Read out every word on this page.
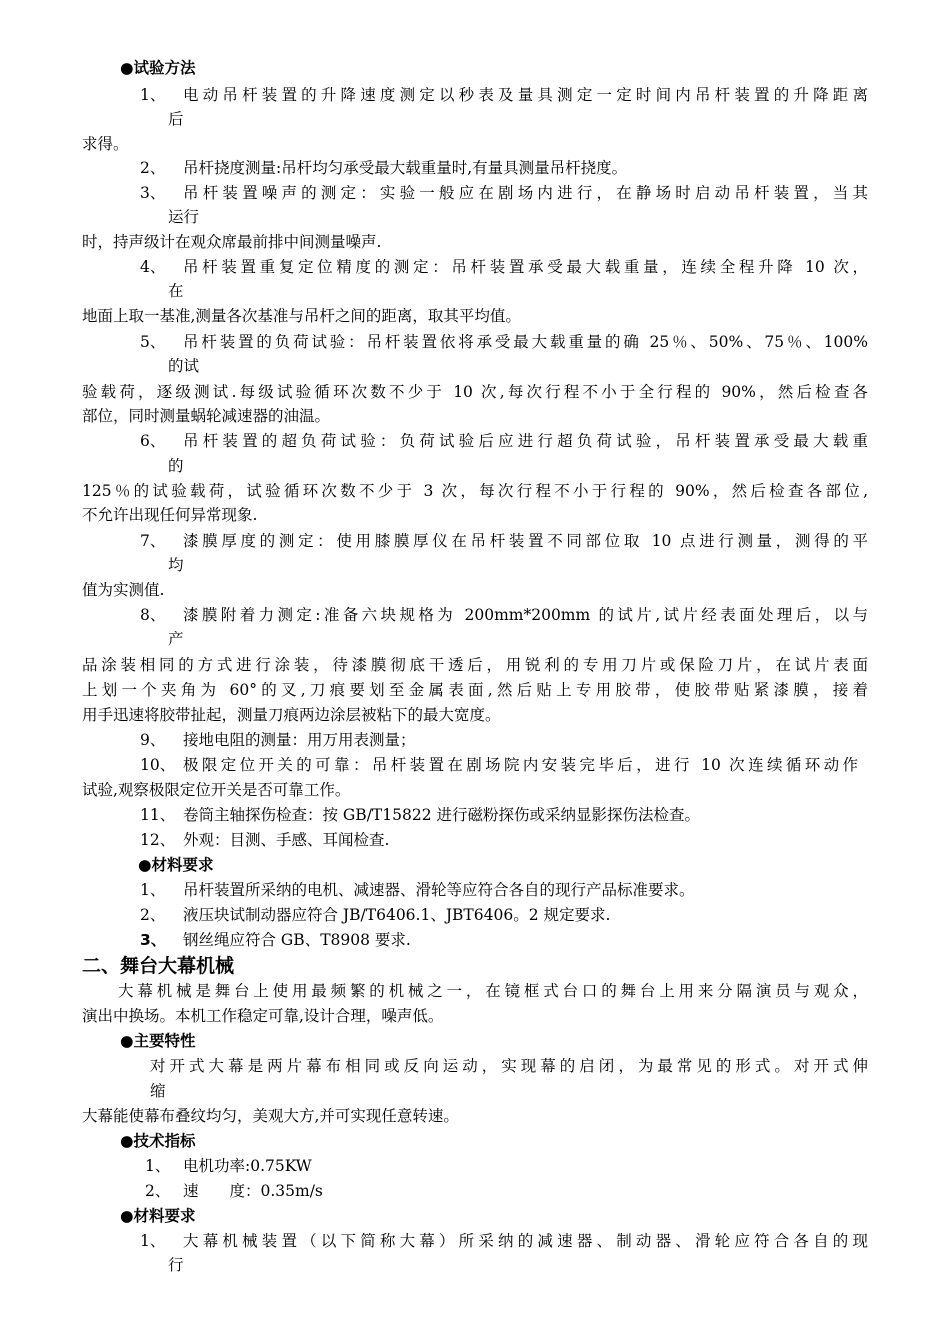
●试验方法
1、 电动吊杆装置的升降速度测定以秒表及量具测定一定时间内吊杆装置的升降距离
后
求得。
2、 吊杆挠度测量:吊杆均匀承受最大载重量时,有量具测量吊杆挠度。
3、 吊杆装置噪声的测定：实验一般应在剧场内进行，在静场时启动吊杆装置，当其
运行
时，持声级计在观众席最前排中间测量噪声.
4、 吊杆装置重复定位精度的测定：吊杆装置承受最大载重量，连续全程升降 10 次，
在
地面上取一基准,测量各次基准与吊杆之间的距离，取其平均值。
5、 吊杆装置的负荷试验：吊杆装置依将承受最大载重量的确 25％、50%、75％、100%
的试
验载荷，逐级测试.每级试验循环次数不少于 10 次,每次行程不小于全行程的 90%，然后检查各
部位，同时测量蜗轮减速器的油温。
6、 吊杆装置的超负荷试验：负荷试验后应进行超负荷试验，吊杆装置承受最大载重
的
125％的试验载荷，试验循环次数不少于 3 次，每次行程不小于行程的 90%，然后检查各部位,
不允许出现任何异常现象.
7、 漆膜厚度的测定：使用膝膜厚仪在吊杆装置不同部位取 10 点进行测量，测得的平
均
值为实测值.
8、 漆膜附着力测定:准备六块规格为 200mm*200mm 的试片,试片经表面处理后，以与
产
品涂装相同的方式进行涂装，待漆膜彻底干透后，用锐利的专用刀片或保险刀片，在试片表面
上划一个夹角为 60°的叉,刀痕要划至金属表面,然后贴上专用胶带，使胶带贴紧漆膜，接着
用手迅速将胶带扯起，测量刀痕两边涂层被粘下的最大宽度。
9、 接地电阻的测量：用万用表测量；
10、 极限定位开关的可靠：吊杆装置在剧场院内安装完毕后，进行 10 次连续循环动作
试验,观察极限定位开关是否可靠工作。
11、 卷筒主轴探伤检查：按 GB/T15822 进行磁粉探伤或采纳显影探伤法检查。
12、 外观：目测、手感、耳闻检查.
●材料要求
1、 吊杆装置所采纳的电机、减速器、滑轮等应符合各自的现行产品标准要求。
2、 液压块试制动器应符合 JB/T6406.1、JBT6406。2 规定要求.
3、 钢丝绳应符合 GB、T8908 要求.
二、舞台大幕机械
大幕机械是舞台上使用最频繁的机械之一，在镜框式台口的舞台上用来分隔演员与观众，
演出中换场。本机工作稳定可靠,设计合理，噪声低。
●主要特性
对开式大幕是两片幕布相同或反向运动，实现幕的启闭，为最常见的形式。对开式伸
缩
大幕能使幕布叠纹均匀，美观大方,并可实现任意转速。
●技术指标
1、 电机功率:0.75KW
2、 速　　度：0.35m/s
●材料要求
1、 大幕机械装置（以下简称大幕）所采纳的减速器、制动器、滑轮应符合各自的现
行
